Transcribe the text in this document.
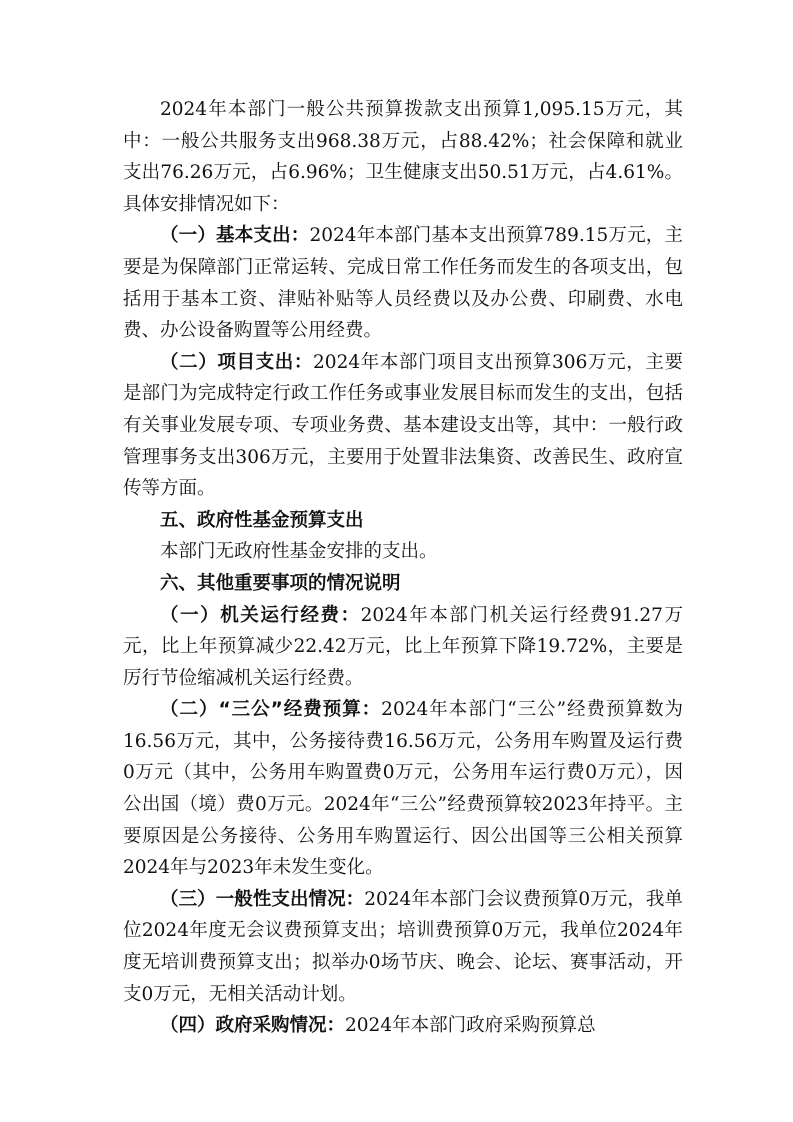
2024年本部门一般公共预算拨款支出预算1,095.15万元，其中：一般公共服务支出968.38万元，占88.42%；社会保障和就业支出76.26万元，占6.96%；卫生健康支出50.51万元，占4.61%。具体安排情况如下：

（一）基本支出：2024年本部门基本支出预算789.15万元，主要是为保障部门正常运转、完成日常工作任务而发生的各项支出，包括用于基本工资、津贴补贴等人员经费以及办公费、印刷费、水电费、办公设备购置等公用经费。

（二）项目支出：2024年本部门项目支出预算306万元，主要是部门为完成特定行政工作任务或事业发展目标而发生的支出，包括有关事业发展专项、专项业务费、基本建设支出等，其中：一般行政管理事务支出306万元，主要用于处置非法集资、改善民生、政府宣传等方面。

五、政府性基金预算支出

本部门无政府性基金安排的支出。

六、其他重要事项的情况说明

（一）机关运行经费：2024年本部门机关运行经费91.27万元，比上年预算减少22.42万元，比上年预算下降19.72%，主要是厉行节俭缩减机关运行经费。

（二）“三公”经费预算：2024年本部门“三公”经费预算数为16.56万元，其中，公务接待费16.56万元，公务用车购置及运行费0万元（其中，公务用车购置费0万元，公务用车运行费0万元），因公出国（境）费0万元。2024年“三公”经费预算较2023年持平。主要原因是公务接待、公务用车购置运行、因公出国等三公相关预算2024年与2023年未发生变化。

（三）一般性支出情况：2024年本部门会议费预算0万元，我单位2024年度无会议费预算支出；培训费预算0万元，我单位2024年度无培训费预算支出；拟举办0场节庆、晚会、论坛、赛事活动，开支0万元，无相关活动计划。

（四）政府采购情况：2024年本部门政府采购预算总
